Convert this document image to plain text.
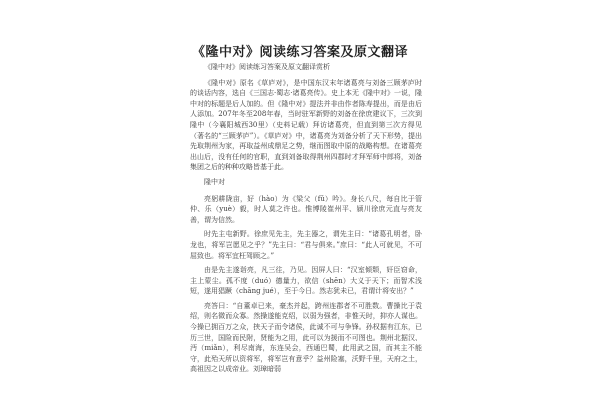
《隆中对》阅读练习答案及原文翻译

《隆中对》阅读练习答案及原文翻译赏析

《隆中对》原名《草庐对》，是中国东汉末年诸葛亮与刘备三顾茅庐时的谈话内容，选自《三国志·蜀志·诸葛亮传》。史上本无《隆中对》一说，隆中对的标题是后人加的。但《隆中对》提法并非由作者陈寿提出，而是由后人添加。207年冬至208年春，当时驻军新野的刘备在徐庶建议下，三次到隆中（今襄阳城西30里）（史料记载）拜访诸葛亮，但直到第三次方得见（著名的“三顾茅庐”）。《草庐对》中，诸葛亮为刘备分析了天下形势，提出先取荆州为家，再取益州成鼎足之势，继而图取中原的战略构想。在诸葛亮出山后，没有任何的官职，直到刘备取得荆州四郡时才拜军师中郎将，刘备集团之后的种种攻略皆基于此。

隆中对

亮躬耕陇亩，好（hào）为《梁父（fǔ）吟》。身长八尺，每自比于管仲、乐（yuè）毅，时人莫之许也。惟博陵崔州平、颍川徐庶元直与亮友善，谓为信然。

时先主屯新野。徐庶见先主，先主器之，谓先主曰：“诸葛孔明者，卧龙也，将军岂愿见之乎？”先主曰：“君与俱来。”庶曰：“此人可就见，不可屈致也。将军宜枉驾顾之。”

由是先主遂诣亮，凡三往，乃见。因屏人曰：“汉室倾颓，奸臣窃命，主上蒙尘。孤不度（duó）德量力，欲信（shēn）大义于天下；而智术浅短，遂用猖蹶（chāng jué），至于今日。然志犹未已，君谓计将安出？”

亮答曰：“自董卓已来，豪杰并起，跨州连郡者不可胜数。曹操比于袁绍，则名微而众寡。然操遂能克绍，以弱为强者，非惟天时，抑亦人谋也。今操已拥百万之众，挟天子而令诸侯，此诚不可与争锋。孙权据有江东，已历三世，国险而民附，贤能为之用，此可以为援而不可图也。荆州北据汉、沔（miǎn），利尽南海，东连吴会，西通巴蜀，此用武之国，而其主不能守，此殆天所以资将军，将军岂有意乎？益州险塞，沃野千里，天府之土，高祖因之以成帝业。刘璋暗弱
